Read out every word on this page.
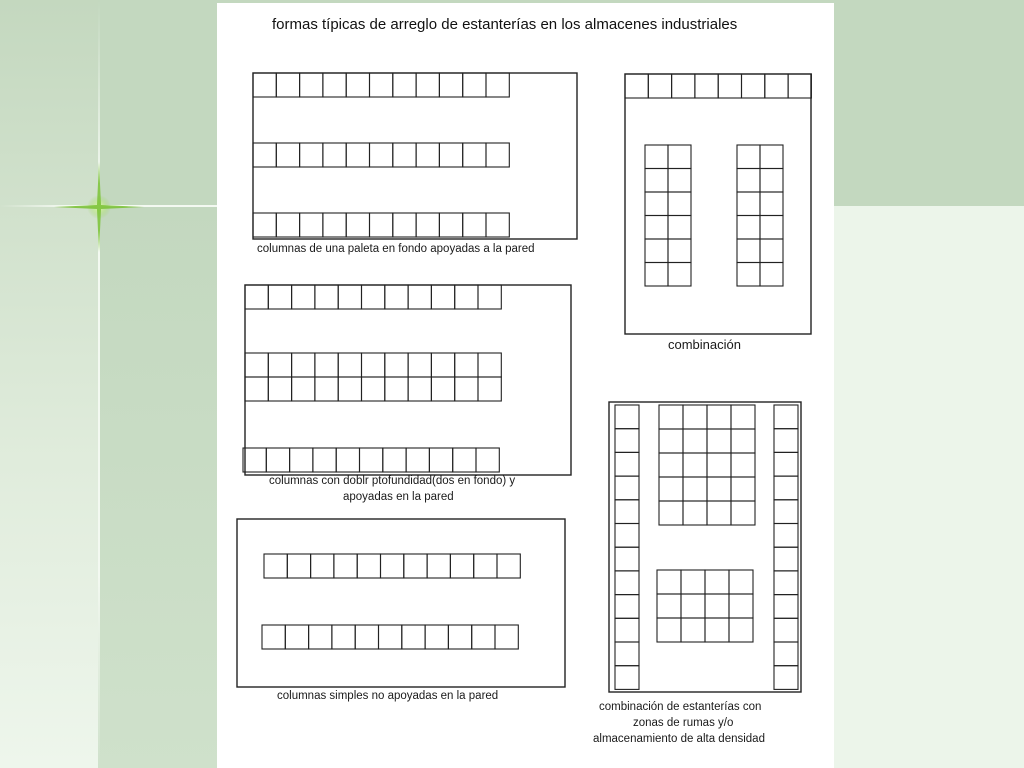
formas típicas de arreglo de estanterías en los almacenes industriales
columnas de una paleta en fondo apoyadas a la pared
columnas con doblr ptofundidad(dos en fondo) y
apoyadas en la pared
columnas simples no apoyadas en la pared
combinación
combinación de estanterías con
zonas de rumas y/o
almacenamiento de alta densidad
